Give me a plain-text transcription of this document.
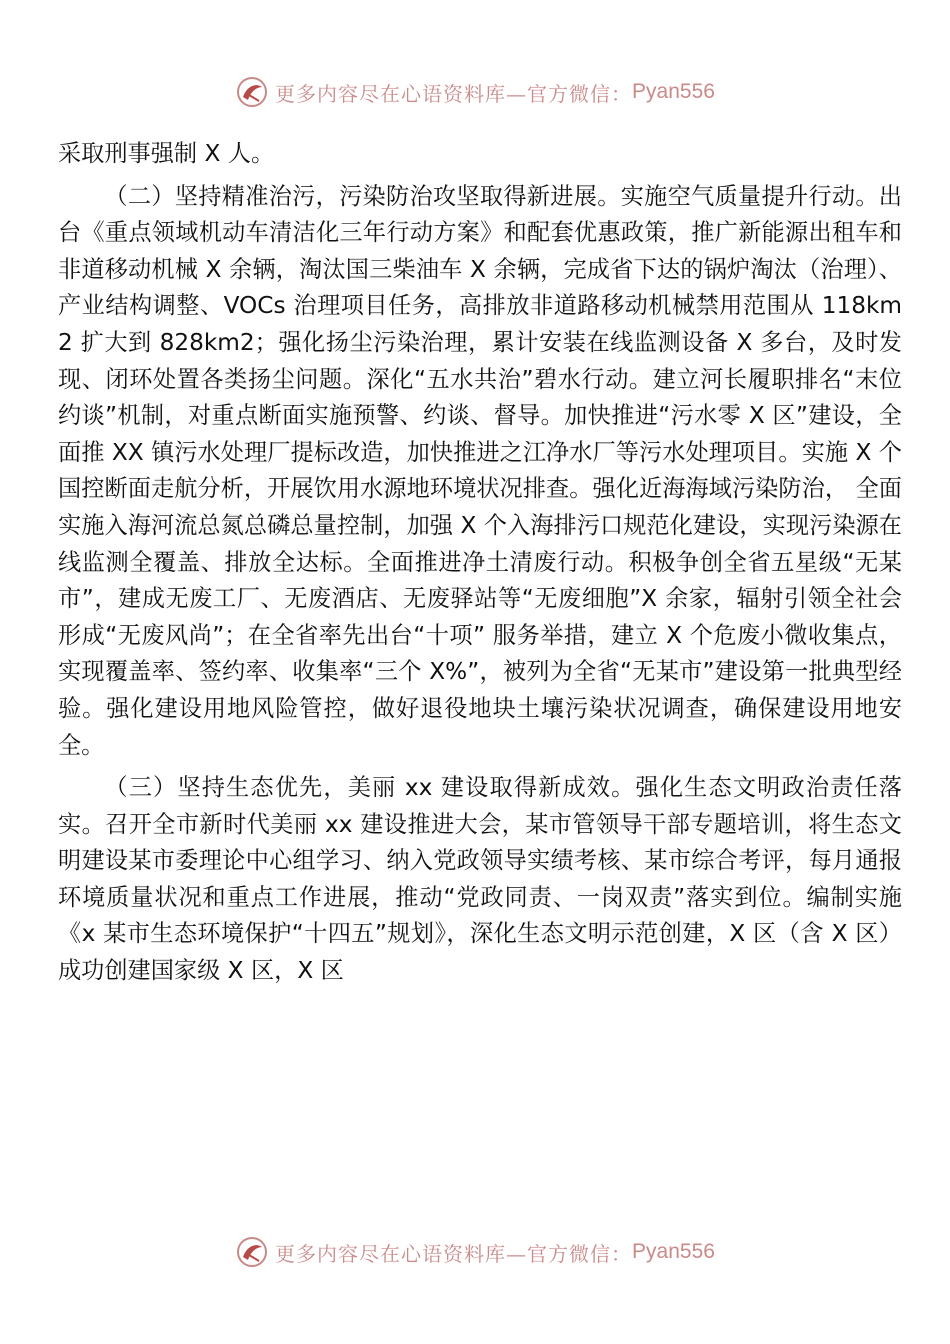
更多内容尽在心语资料库—官方微信： Pyan556

采取刑事强制 X 人。

（二）坚持精准治污，污染防治攻坚取得新进展。实施空气质量提升行动。出台《重点领域机动车清洁化三年行动方案》和配套优惠政策，推广新能源出租车和非道移动机械 X 余辆，淘汰国三柴油车 X 余辆，完成省下达的锅炉淘汰（治理）、产业结构调整、VOCs 治理项目任务，高排放非道路移动机械禁用范围从 118km2 扩大到 828km2；强化扬尘污染治理，累计安装在线监测设备 X 多台，及时发现、闭环处置各类扬尘问题。深化“五水共治”碧水行动。建立河长履职排名“末位约谈”机制，对重点断面实施预警、约谈、督导。加快推进“污水零 X 区”建设，全面推 XX 镇污水处理厂提标改造，加快推进之江净水厂等污水处理项目。实施 X 个国控断面走航分析，开展饮用水源地环境状况排查。强化近海海域污染防治， 全面实施入海河流总氮总磷总量控制，加强 X 个入海排污口规范化建设，实现污染源在线监测全覆盖、排放全达标。全面推进净土清废行动。积极争创全省五星级“无某市”，建成无废工厂、无废酒店、无废驿站等“无废细胞”X 余家，辐射引领全社会形成“无废风尚”；在全省率先出台“十项” 服务举措，建立 X 个危废小微收集点，实现覆盖率、签约率、收集率“三个 X%”，被列为全省“无某市”建设第一批典型经验。强化建设用地风险管控，做好退役地块土壤污染状况调查，确保建设用地安全。

（三）坚持生态优先，美丽 xx 建设取得新成效。强化生态文明政治责任落实。召开全市新时代美丽 xx 建设推进大会，某市管领导干部专题培训，将生态文明建设某市委理论中心组学习、纳入党政领导实绩考核、某市综合考评，每月通报环境质量状况和重点工作进展，推动“党政同责、一岗双责”落实到位。编制实施《x 某市生态环境保护“十四五”规划》，深化生态文明示范创建，X 区（含 X 区）成功创建国家级 X 区，X 区

更多内容尽在心语资料库—官方微信： Pyan556
